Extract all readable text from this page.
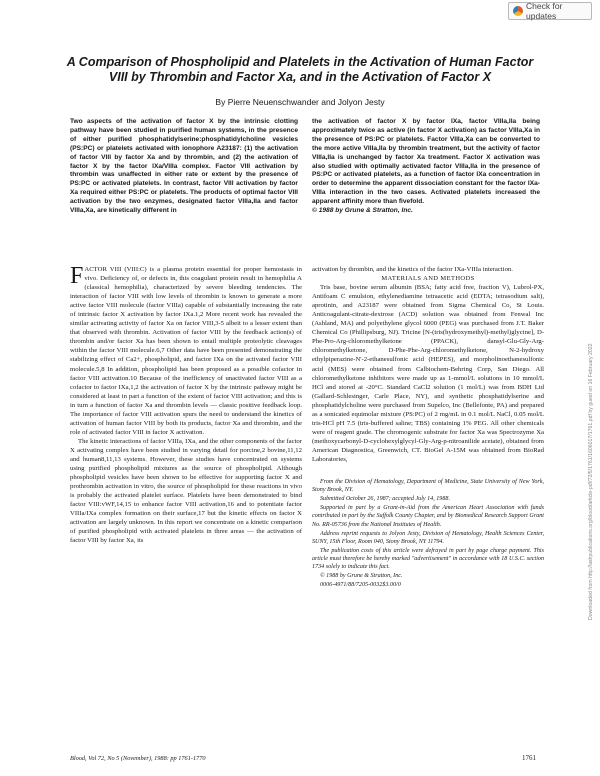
Check for updates
Downloaded from http://ashpublications.org/blood/article-pdf/72/5/1761/1606017/1761.pdf by guest on 16 February 2022
A Comparison of Phospholipid and Platelets in the Activation of Human Factor VIII by Thrombin and Factor Xa, and in the Activation of Factor X
By Pierre Neuenschwander and Jolyon Jesty
Two aspects of the activation of factor X by the intrinsic clotting pathway have been studied in purified human systems, in the presence of either purified phosphatidylserine:phosphatidylcholine vesicles (PS:PC) or platelets activated with ionophore A23187: (1) the activation of factor VIII by factor Xa and by thrombin, and (2) the activation of factor X by the factor IXa/VIIIa complex. Factor VIII activation by thrombin was unaffected in either rate or extent by the presence of PS:PC or activated platelets. In contrast, factor VIII activation by factor Xa required either PS:PC or platelets. The products of optimal factor VIII activation by the two enzymes, designated factor VIIIa,IIa and factor VIIIa,Xa, are kinetically different in
the activation of factor X by factor IXa, factor VIIIa,IIa being approximately twice as active (in factor X activation) as factor VIIIa,Xa in the presence of PS:PC or platelets. Factor VIIIa,Xa can be converted to the more active VIIIa,IIa by thrombin treatment, but the activity of factor VIIIa,IIa is unchanged by factor Xa treatment. Factor X activation was also studied with optimally activated factor VIIIa,IIa in the presence of PS:PC or activated platelets, as a function of factor IXa concentration in order to determine the apparent dissociation constant for the factor IXa-VIIIa interaction in the two cases. Activated platelets increased the apparent affinity more than fivefold.
© 1988 by Grune & Stratton, Inc.

FACTOR VIII (VIII:C) is a plasma protein essential for proper hemostasis in vivo. Deficiency of, or defects in, this coagulant protein result in hemophilia A (classical hemophilia), characterized by severe bleeding tendencies. The interaction of factor VIII with low levels of thrombin is known to generate a more active factor VIII molecule (factor VIIIa) capable of substantially increasing the rate of intrinsic factor X activation by factor IXa.1,2 More recent work has revealed the similar activating activity of factor Xa on factor VIII,3-5 albeit to a lesser extent than that observed with thrombin. Activation of factor VIII by the feedback action(s) of thrombin and/or factor Xa has been shown to entail multiple proteolytic cleavages within the factor VIII molecule.6,7 Other data have been presented demonstrating the stabilizing effect of Ca2+, phospholipid, and factor IXa on the activated factor VIII molecule.5,8 In addition, phospholipid has been proposed as a possible cofactor in factor VIII activation.10 Because of the inefficiency of unactivated factor VIII as a cofactor to factor IXa,1,2 the activation of factor X by the intrinsic pathway might be considered at least in part a function of the extent of factor VIII activation; and this is in turn a function of factor Xa and thrombin levels — classic positive feedback loop. The importance of factor VIII activation spurs the need to understand the kinetics of activation of human factor VIII by both its products, factor Xa and thrombin, and the role of activated factor VIII in factor X activation.

The kinetic interactions of factor VIIIa, IXa, and the other components of the factor X activating complex have been studied in varying detail for porcine,2 bovine,11,12 and human8,11,13 systems. However, these studies have concentrated on systems using purified phospholipid mixtures as the source of phospholipid. Although phospholipid vesicles have been shown to be effective for supporting factor X and prothrombin activation in vitro, the source of phospholipid for these reactions in vivo is probably the activated platelet surface. Platelets have been demonstrated to bind factor VIII:vWF,14,15 to enhance factor VIII activation,16 and to potentiate factor VIIIa/IXa complex formation on their surface,17 but the kinetic effects on factor X activation are largely unknown. In this report we concentrate on a kinetic comparison of purified phospholipid with activated platelets in three areas — the activation of factor VIII by factor Xa, its

activation by thrombin, and the kinetics of the factor IXa-VIIIa interaction.

MATERIALS AND METHODS

Tris base, bovine serum albumin (BSA; fatty acid free, fraction V), Lubrol-PX, Antifoam C emulsion, ethylenediamine tetraacetic acid (EDTA; tetrasodium salt), aprotinin, and A23187 were obtained from Sigma Chemical Co, St Louis. Anticoagulant-citrate-dextrose (ACD) solution was obtained from Fenwal Inc (Ashland, MA) and polyethylene glycol 6000 (PEG) was purchased from J.T. Baker Chemical Co (Phillipsburg, NJ). Tricine [N-(tris(hydroxymethyl)-methyl)glycine], D-Phe-Pro-Arg-chloromethylketone (PPACK), dansyl-Glu-Gly-Arg-chloromethylketone, D-Phe-Phe-Arg-chloromethylketone, N-2-hydroxy ethylpiperazine-N'-2-ethanesulfonic acid (HEPES), and morpholinoethanesulfonic acid (MES) were obtained from Calbiochem-Behring Corp, San Diego. All chloromethylketone inhibitors were made up as 1-mmol/L solutions in 10 mmol/L HCl and stored at -20°C. Standard CaCl2 solution (1 mol/L) was from BDH Ltd (Gallard-Schlesinger, Carle Place, NY), and synthetic phosphatidylserine and phosphatidylcholine were purchased from Supelco, Inc (Bellefonte, PA) and prepared as a sonicated equimolar mixture (PS:PC) of 2 mg/mL in 0.1 mol/L NaCl, 0.05 mol/L tris-HCl pH 7.5 (tris-buffered saline; TBS) containing 1% PEG. All other chemicals were of reagent grade. The chromogenic substrate for factor Xa was Spectrozyme Xa (methoxycarbonyl-D-cyclohexylglycyl-Gly-Arg-p-nitroanilide acetate), obtained from American Diagnostica, Greenwich, CT. BioGel A-15M was obtained from BioRad Laboratories,

From the Division of Hematology, Department of Medicine, State University of New York, Stony Brook, NY.

Submitted October 26, 1987; accepted July 14, 1988.

Supported in part by a Grant-in-Aid from the American Heart Association with funds contributed in part by the Suffolk County Chapter, and by Biomedical Research Support Grant No. RR-05736 from the National Institutes of Health.

Address reprint requests to Jolyon Jesty, Division of Hematology, Health Sciences Center, SUNY, 15th Floor, Room 040, Stony Brook, NY 11794.

The publication costs of this article were defrayed in part by page charge payment. This article must therefore be hereby marked "advertisement" in accordance with 18 U.S.C. section 1734 solely to indicate this fact.

© 1988 by Grune & Stratton, Inc.

0006-4971/88/7205-0032$3.00/0

Blood, Vol 72, No 5 (November), 1988: pp 1761-1770	1761
